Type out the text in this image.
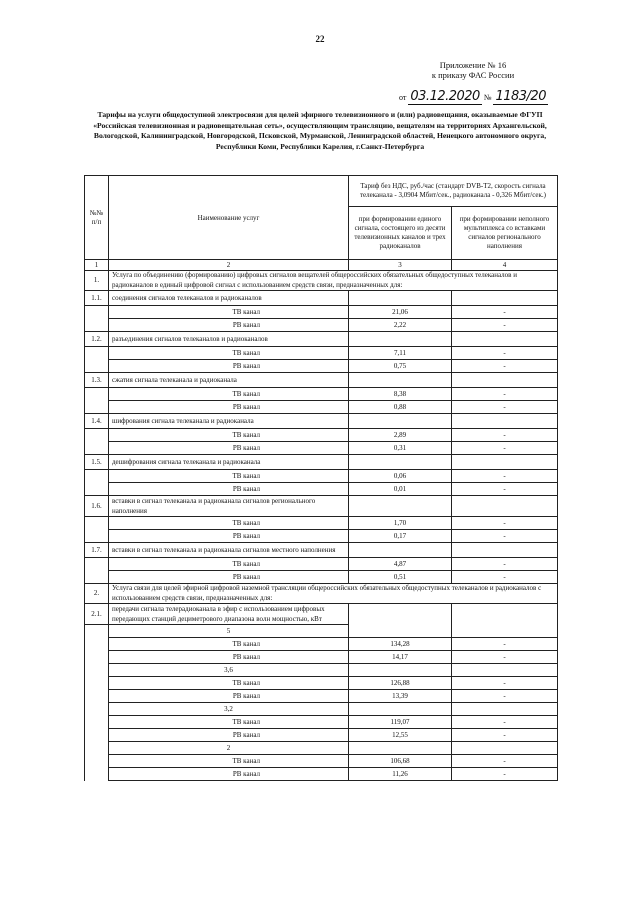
22
Приложение № 16
к приказу ФАС России
от 03.12.2020 № 1183/20
Тарифы на услуги общедоступной электросвязи для целей эфирного телевизионного и (или) радиовещания, оказываемые ФГУП «Российская телевизионная и радиовещательная сеть», осуществляющим трансляцию, вещателям на территориях Архангельской, Вологодской, Калининградской, Новгородской, Псковской, Мурманской, Ленинградской областей, Ненецкого автономного округа, Республики Коми, Республики Карелия, г.Санкт-Петербурга
№№ п/п	Наименование услуг	Тариф без НДС, руб./час (стандарт DVB-T2, скорость сигнала телеканала - 3,0904 Мбит/сек., радиоканала - 0,326 Мбит/сек.)	
		при формировании единого сигнала, состоящего из десяти телевизионных каналов и трех радиоканалов	при формировании неполного мультиплекса со вставками сигналов регионального наполнения
1	2	3	4
1.	Услуга по объединению (формированию) цифровых сигналов вещателей общероссийских обязательных общедоступных телеканалов и радиоканалов в единый цифровой сигнал с использованием средств связи, предназначенных для:		
1.1.	соединения сигналов телеканалов и радиоканалов		
	ТВ канал	21,06	-
	РВ канал	2,22	-
1.2.	разъединения сигналов телеканалов и радиоканалов		
	ТВ канал	7,11	-
	РВ канал	0,75	-
1.3.	сжатия сигнала телеканала и радиоканала		
	ТВ канал	8,38	-
	РВ канал	0,88	-
1.4.	шифрования сигнала телеканала и радиоканала		
	ТВ канал	2,89	-
	РВ канал	0,31	-
1.5.	дешифрования сигнала телеканала и радиоканала		
	ТВ канал	0,06	-
	РВ канал	0,01	-
1.6.	вставки в сигнал телеканала и радиоканала сигналов регионального наполнения		
	ТВ канал	1,70	-
	РВ канал	0,17	-
1.7.	вставки в сигнал телеканала и радиоканала сигналов местного наполнения		
	ТВ канал	4,87	-
	РВ канал	0,51	-
2.	Услуга связи для целей эфирной цифровой наземной трансляции общероссийских обязательных общедоступных телеканалов и радиоканалов с использованием средств связи, предназначенных для:		
2.1.	передачи сигнала телерадиоканала в эфир с использованием цифровых передающих станций дециметрового диапазона волн мощностью, кВт		
	5		
	ТВ канал	134,28	-
	РВ канал	14,17	-
	3,6		
	ТВ канал	126,88	-
	РВ канал	13,39	-
	3,2		
	ТВ канал	119,07	-
	РВ канал	12,55	-
	2		
	ТВ канал	106,68	-
	РВ канал	11,26	-
